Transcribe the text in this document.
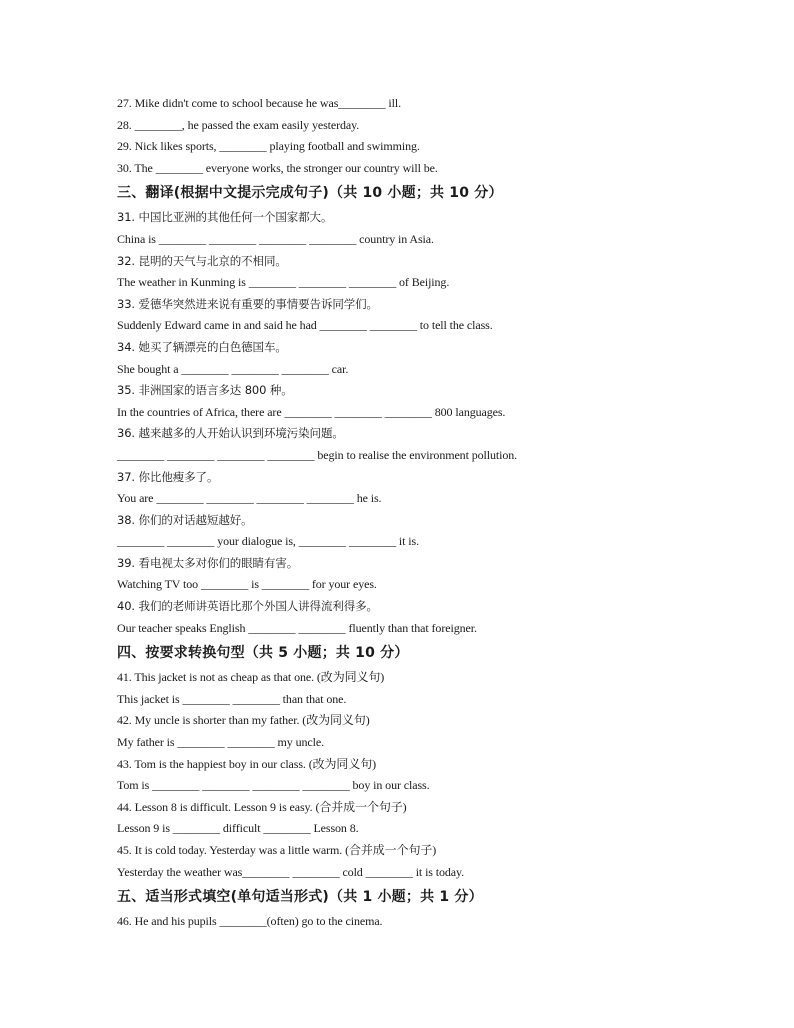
27. Mike didn't come to school because he was________ ill.
28. ________, he passed the exam easily yesterday.
29. Nick likes sports, ________ playing football and swimming.
30. The ________ everyone works, the stronger our country will be.
三、翻译(根据中文提示完成句子)（共 10 小题；共 10 分）
31. 中国比亚洲的其他任何一个国家都大。
China is ________ ________ ________ ________ country in Asia.
32. 昆明的天气与北京的不相同。
The weather in Kunming is ________ ________ ________ of Beijing.
33. 爱德华突然进来说有重要的事情要告诉同学们。
Suddenly Edward came in and said he had ________ ________ to tell the class.
34. 她买了辆漂亮的白色德国车。
She bought a ________ ________ ________ car.
35. 非洲国家的语言多达 800 种。
In the countries of Africa, there are ________ ________ ________ 800 languages.
36. 越来越多的人开始认识到环境污染问题。
________ ________ ________ ________ begin to realise the environment pollution.
37. 你比他瘦多了。
You are ________ ________ ________ ________ he is.
38. 你们的对话越短越好。
________ ________ your dialogue is, ________ ________ it is.
39. 看电视太多对你们的眼睛有害。
Watching TV too ________ is ________ for your eyes.
40. 我们的老师讲英语比那个外国人讲得流利得多。
Our teacher speaks English ________ ________ fluently than that foreigner.
四、按要求转换句型（共 5 小题；共 10 分）
41. This jacket is not as cheap as that one. (改为同义句)
This jacket is ________ ________ than that one.
42. My uncle is shorter than my father. (改为同义句)
My father is ________ ________ my uncle.
43. Tom is the happiest boy in our class. (改为同义句)
Tom is ________ ________ ________ ________ boy in our class.
44. Lesson 8 is difficult. Lesson 9 is easy. (合并成一个句子)
Lesson 9 is ________ difficult ________ Lesson 8.
45. It is cold today. Yesterday was a little warm. (合并成一个句子)
Yesterday the weather was________ ________ cold ________ it is today.
五、适当形式填空(单句适当形式)（共 1 小题；共 1 分）
46. He and his pupils ________(often) go to the cinema.
